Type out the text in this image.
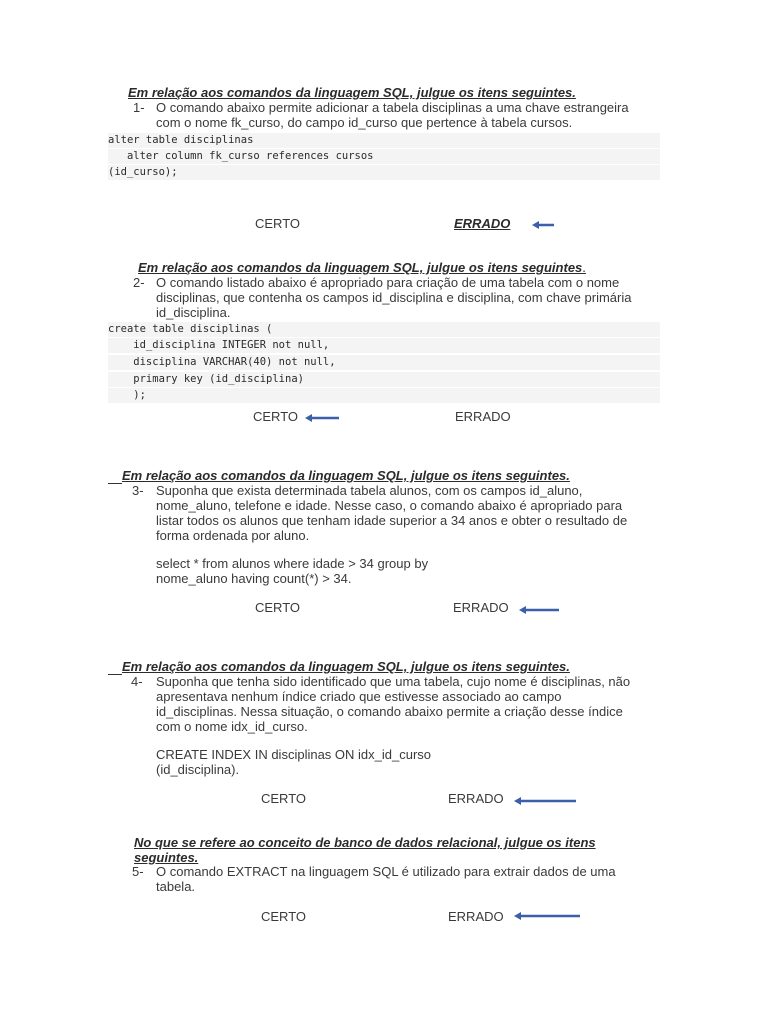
Em relação aos comandos da linguagem SQL, julgue os itens seguintes.
1- O comando abaixo permite adicionar a tabela disciplinas a uma chave estrangeira
com o nome fk_curso, do campo id_curso que pertence à tabela cursos.
alter table disciplinas
alter column fk_curso references cursos
(id_curso);
CERTO	ERRADO
Em relação aos comandos da linguagem SQL, julgue os itens seguintes.
2- O comando listado abaixo é apropriado para criação de uma tabela com o nome
disciplinas, que contenha os campos id_disciplina e disciplina, com chave primária
id_disciplina.
create table disciplinas (
id_disciplina INTEGER not null,
disciplina VARCHAR(40) not null,
primary key (id_disciplina)
);
CERTO	ERRADO
Em relação aos comandos da linguagem SQL, julgue os itens seguintes.
3- Suponha que exista determinada tabela alunos, com os campos id_aluno,
nome_aluno, telefone e idade. Nesse caso, o comando abaixo é apropriado para
listar todos os alunos que tenham idade superior a 34 anos e obter o resultado de
forma ordenada por aluno.
select * from alunos where idade > 34 group by
nome_aluno having count(*) > 34.
CERTO	ERRADO
Em relação aos comandos da linguagem SQL, julgue os itens seguintes.
4- Suponha que tenha sido identificado que uma tabela, cujo nome é disciplinas, não
apresentava nenhum índice criado que estivesse associado ao campo
id_disciplinas. Nessa situação, o comando abaixo permite a criação desse índice
com o nome idx_id_curso.
CREATE INDEX IN disciplinas ON idx_id_curso
(id_disciplina).
CERTO	ERRADO
No que se refere ao conceito de banco de dados relacional, julgue os itens
seguintes.
5- O comando EXTRACT na linguagem SQL é utilizado para extrair dados de uma
tabela.
CERTO	ERRADO
